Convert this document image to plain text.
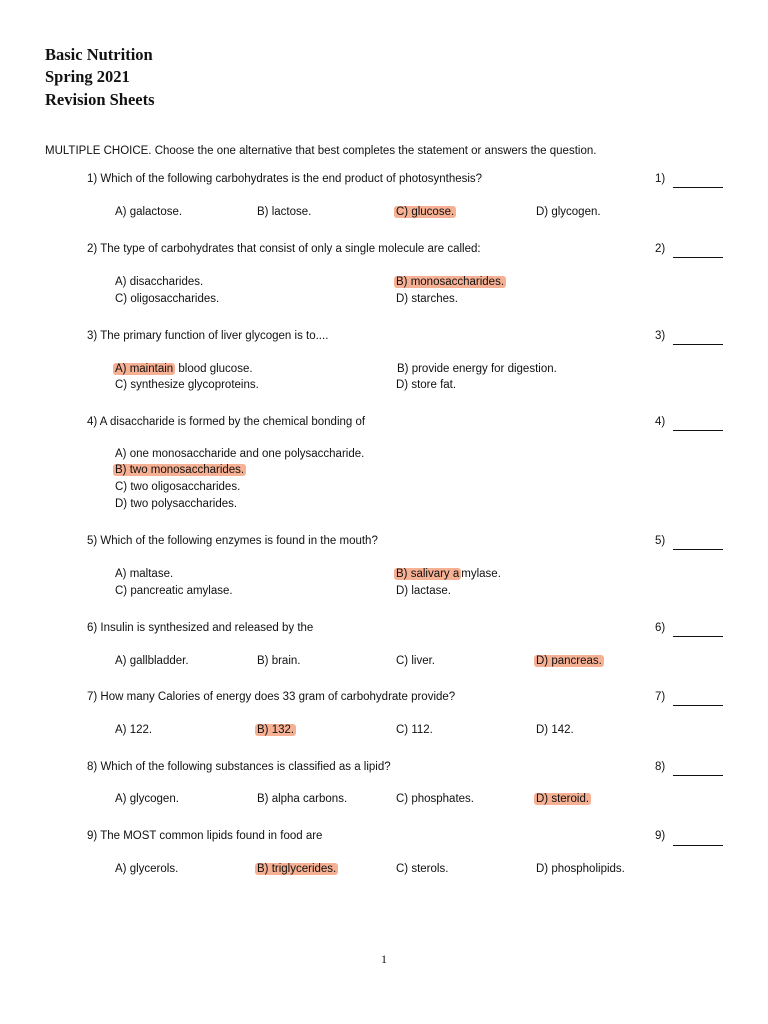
Basic Nutrition
Spring 2021
Revision Sheets
MULTIPLE CHOICE. Choose the one alternative that best completes the statement or answers the question.
1) Which of the following carbohydrates is the end product of photosynthesis?	1)
A) galactose.	B) lactose.	C) glucose.	D) glycogen.
2) The type of carbohydrates that consist of only a single molecule are called:	2)
A) disaccharides.	B) monosaccharides.
C) oligosaccharides.	D) starches.
3) The primary function of liver glycogen is to....	3)
A) maintain blood glucose.	B) provide energy for digestion.
C) synthesize glycoproteins.	D) store fat.
4) A disaccharide is formed by the chemical bonding of	4)
A) one monosaccharide and one polysaccharide.
B) two monosaccharides.
C) two oligosaccharides.
D) two polysaccharides.
5) Which of the following enzymes is found in the mouth?	5)
A) maltase.	B) salivary a mylase.
C) pancreatic amylase.	D) lactase.
6) Insulin is synthesized and released by the	6)
A) gallbladder.	B) brain.	C) liver.	D) pancreas.
7) How many Calories of energy does 33 gram of carbohydrate provide?	7)
A) 122.	B) 132.	C) 112.	D) 142.
8) Which of the following substances is classified as a lipid?	8)
A) glycogen.	B) alpha carbons.	C) phosphates.	D) steroid.
9) The MOST common lipids found in food are	9)
A) glycerols.	B) triglycerides.	C) sterols.	D) phospholipids.
1
